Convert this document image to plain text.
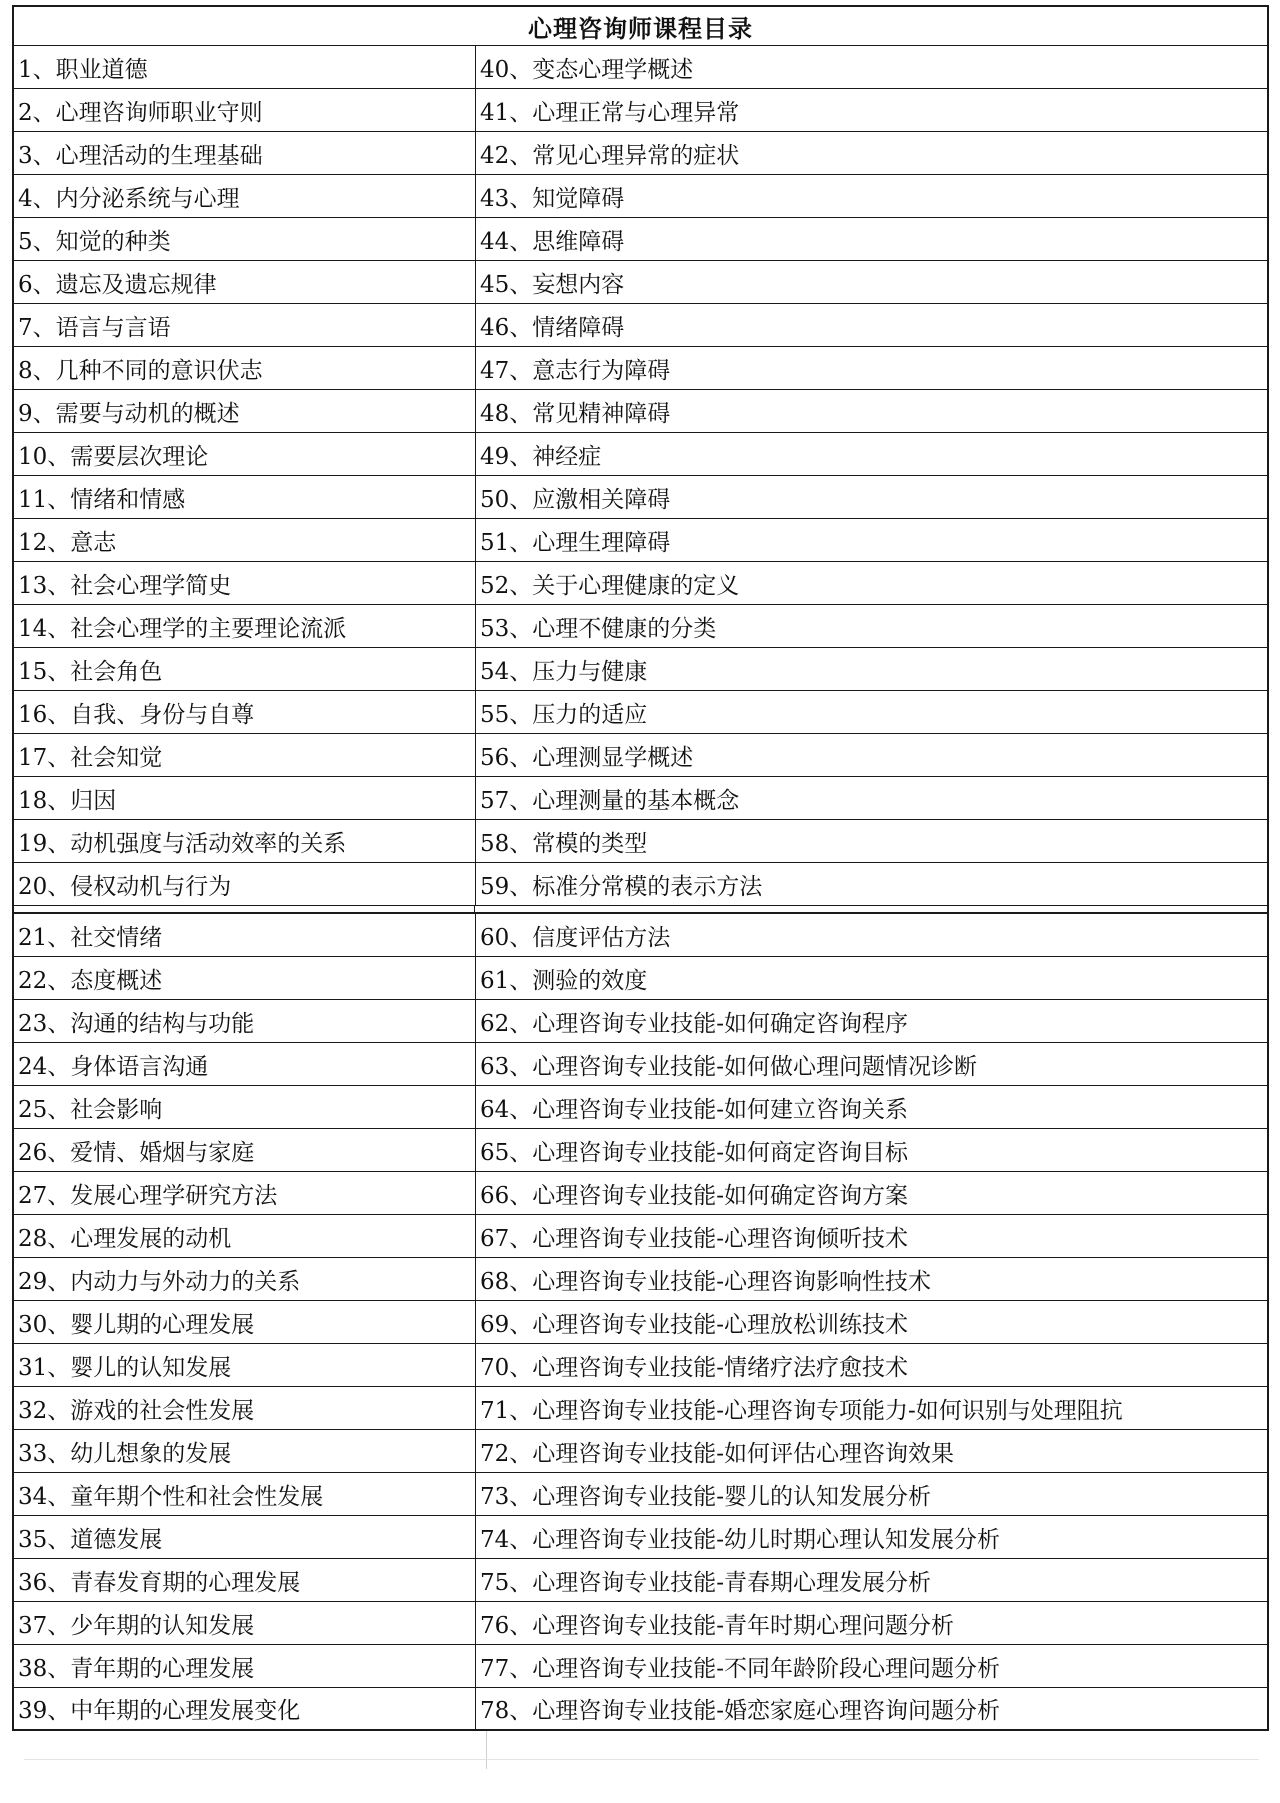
心理咨询师课程目录
1、职业道德	40、变态心理学概述
2、心理咨询师职业守则	41、心理正常与心理异常
3、心理活动的生理基础	42、常见心理异常的症状
4、内分泌系统与心理	43、知觉障碍
5、知觉的种类	44、思维障碍
6、遗忘及遗忘规律	45、妄想内容
7、语言与言语	46、情绪障碍
8、几种不同的意识伏志	47、意志行为障碍
9、需要与动机的概述	48、常见精神障碍
10、需要层次理论	49、神经症
11、情绪和情感	50、应激相关障碍
12、意志	51、心理生理障碍
13、社会心理学简史	52、关于心理健康的定义
14、社会心理学的主要理论流派	53、心理不健康的分类
15、社会角色	54、压力与健康
16、自我、身份与自尊	55、压力的适应
17、社会知觉	56、心理测显学概述
18、归因	57、心理测量的基本概念
19、动机强度与活动效率的关系	58、常模的类型
20、侵权动机与行为	59、标准分常模的表示方法
21、社交情绪	60、信度评估方法
22、态度概述	61、测验的效度
23、沟通的结构与功能	62、心理咨询专业技能-如何确定咨询程序
24、身体语言沟通	63、心理咨询专业技能-如何做心理问题情况诊断
25、社会影响	64、心理咨询专业技能-如何建立咨询关系
26、爱情、婚烟与家庭	65、心理咨询专业技能-如何商定咨询目标
27、发展心理学研究方法	66、心理咨询专业技能-如何确定咨询方案
28、心理发展的动机	67、心理咨询专业技能-心理咨询倾听技术
29、内动力与外动力的关系	68、心理咨询专业技能-心理咨询影响性技术
30、婴儿期的心理发展	69、心理咨询专业技能-心理放松训练技术
31、婴儿的认知发展	70、心理咨询专业技能-情绪疗法疗愈技术
32、游戏的社会性发展	71、心理咨询专业技能-心理咨询专项能力-如何识别与处理阻抗
33、幼儿想象的发展	72、心理咨询专业技能-如何评估心理咨询效果
34、童年期个性和社会性发展	73、心理咨询专业技能-婴儿的认知发展分析
35、道德发展	74、心理咨询专业技能-幼儿时期心理认知发展分析
36、青春发育期的心理发展	75、心理咨询专业技能-青春期心理发展分析
37、少年期的认知发展	76、心理咨询专业技能-青年时期心理问题分析
38、青年期的心理发展	77、心理咨询专业技能-不同年龄阶段心理问题分析
39、中年期的心理发展变化	78、心理咨询专业技能-婚恋家庭心理咨询问题分析
